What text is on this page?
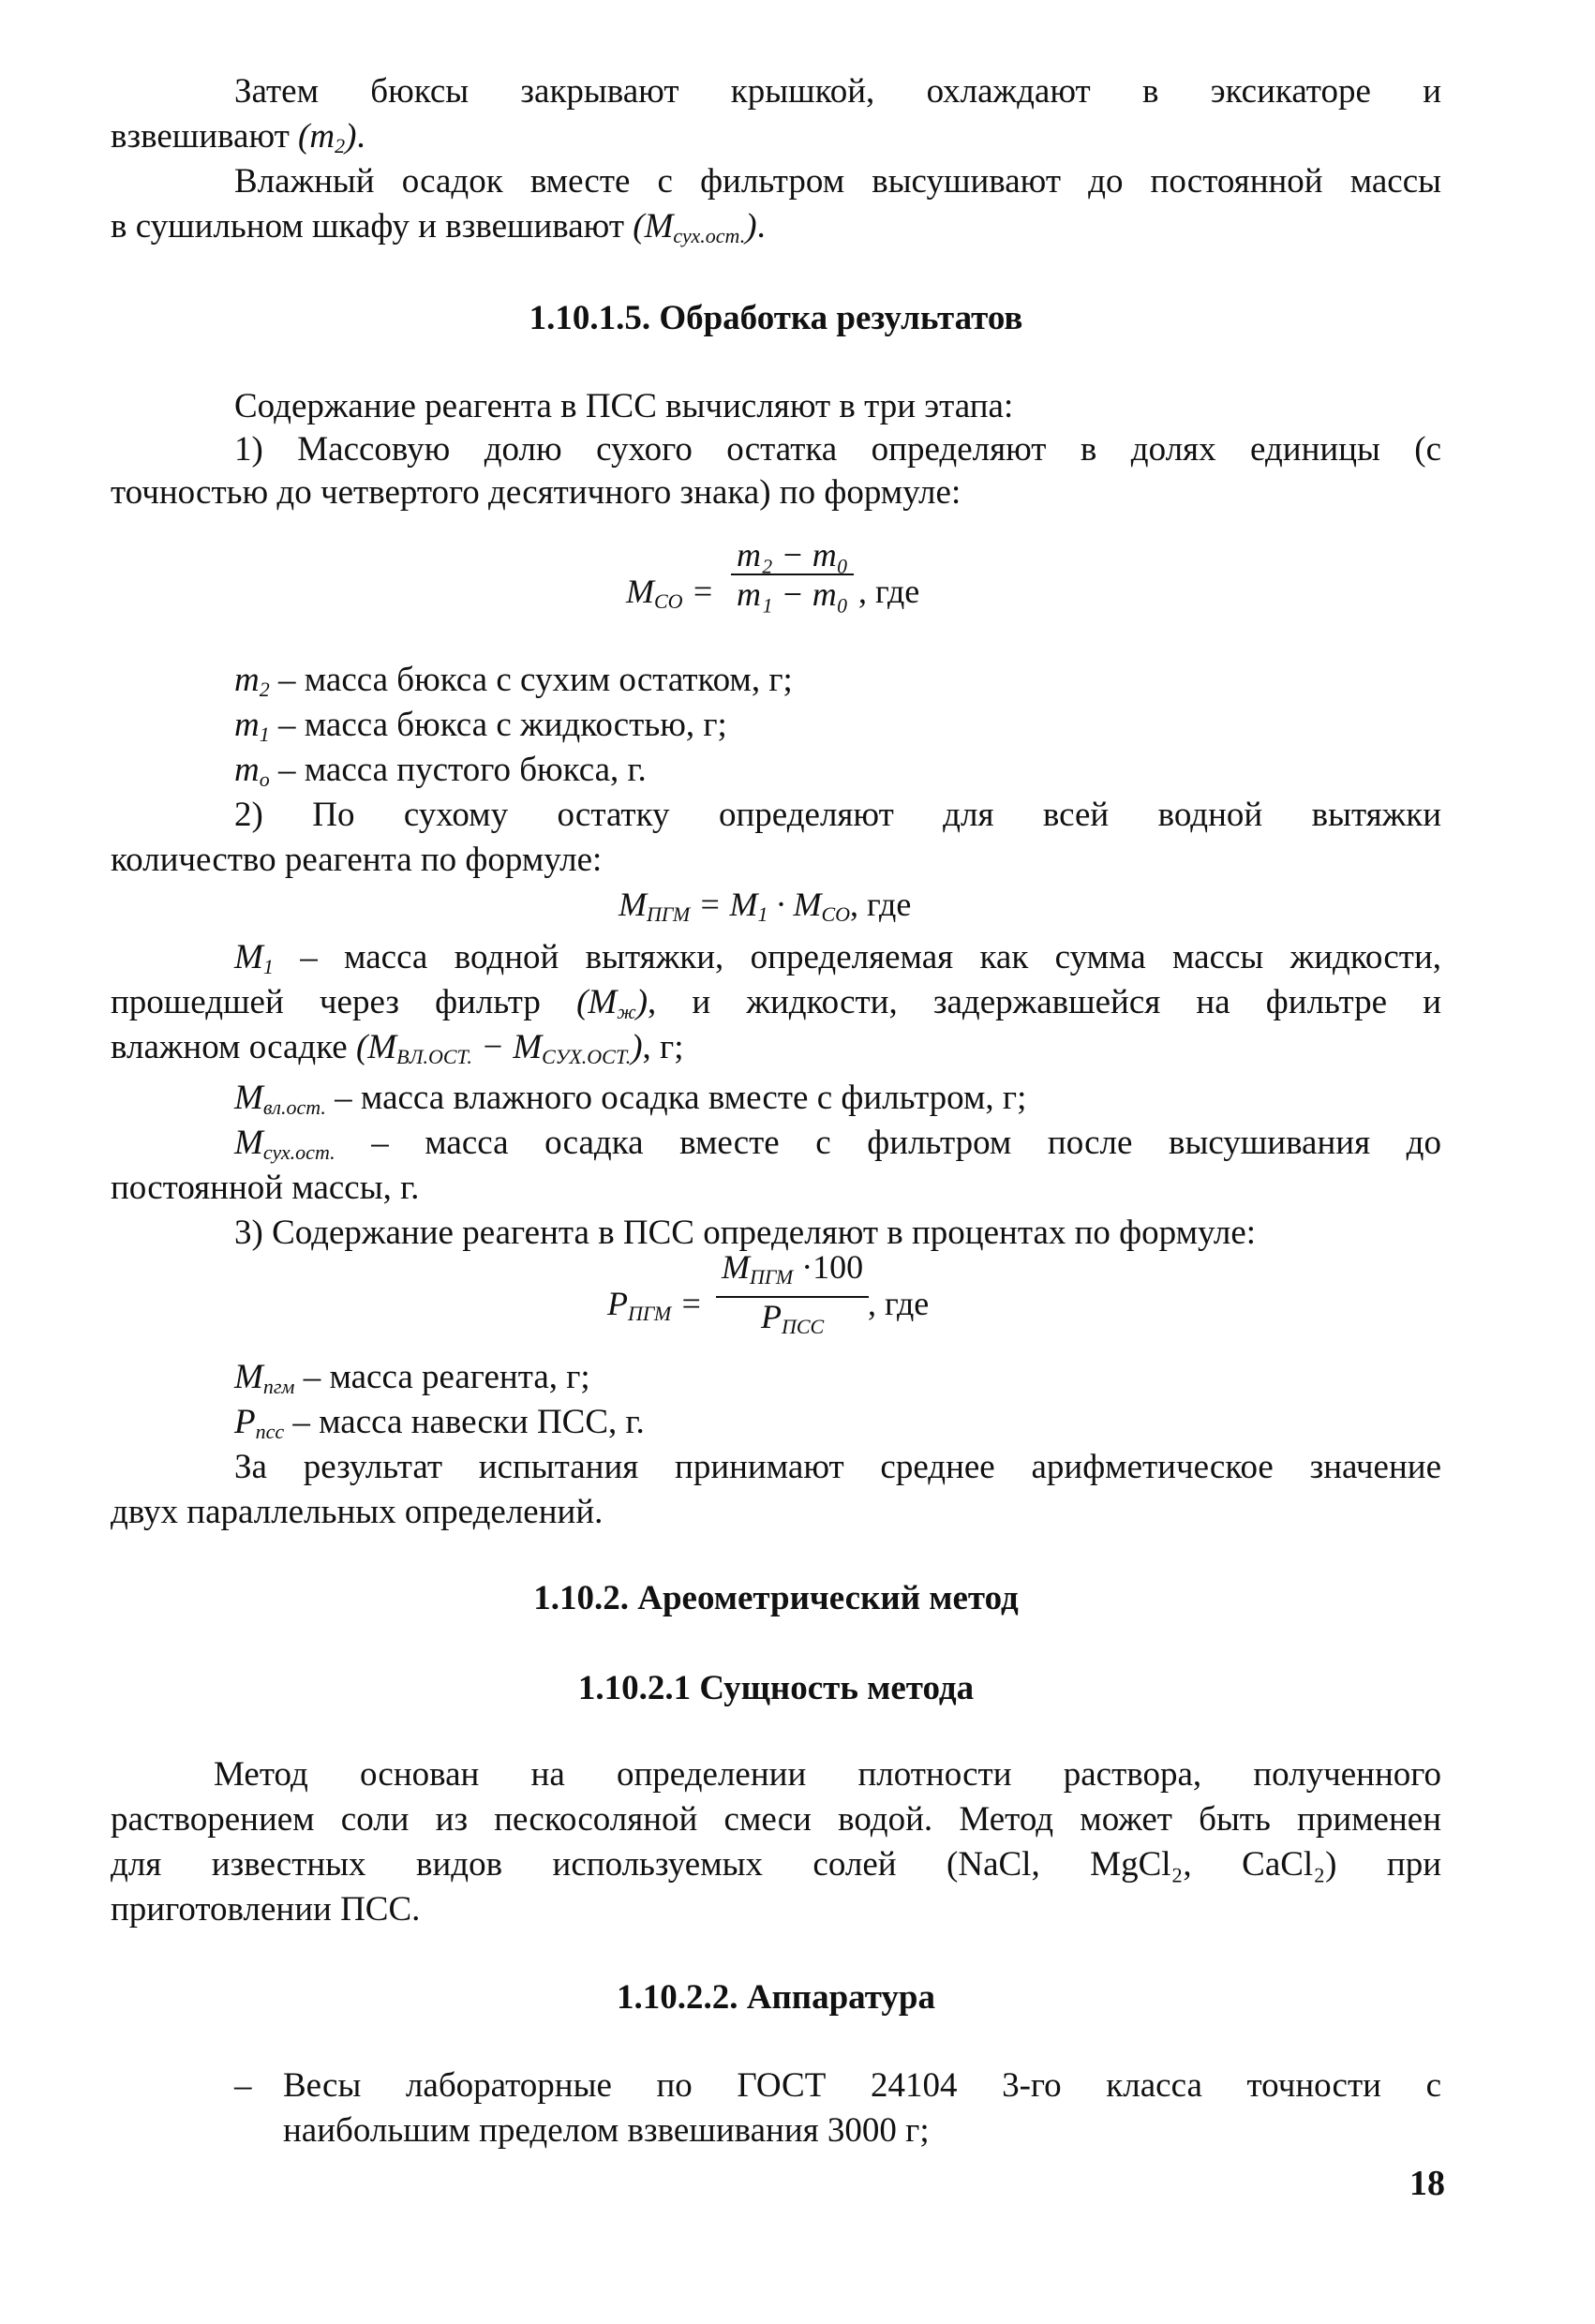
Затем бюксы закрывают крышкой, охлаждают в эксикаторе и
взвешивают $(m_2)$.
Влажный осадок вместе с фильтром высушивают до постоянной массы
в сушильном шкафу и взвешивают $(M_{сух.ост.})$.
1.10.1.5. Обработка результатов
Содержание реагента в ПСС вычисляют в три этапа:
1) Массовую долю сухого остатка определяют в долях единицы (с
точностью до четвертого десятичного знака) по формуле:
$M_{CO} = \frac{\text{m₂ − m₀}}{\text{m₁ − m₀}}$ , где
$m_2$ – масса бюкса с сухим остатком, г;
$m_1$ – масса бюкса с жидкостью, г;
$m_o$ – масса пустого бюкса, г.
2) По сухому остатку определяют для всей водной вытяжки
количество реагента по формуле:
$M_{ПГМ} = M_1 \cdot M_{CO}$, где
$M_1$ – масса водной вытяжки, определяемая как сумма массы жидкости,
прошедшей через фильтр $(M_ж)$, и жидкости, задержавшейся на фильтре и
влажном осадке $(M_{ВЛ.ОСТ.} - M_{СУХ.ОСТ.})$, г;
$M_{вл.ост.}$ – масса влажного осадка вместе с фильтром, г;
$M_{сух.ост.}$ – масса осадка вместе с фильтром после высушивания до
постоянной массы, г.
3) Содержание реагента в ПСС определяют в процентах по формуле:
$P_{ПГМ}$ =
$M_{ПГМ} \cdot 100$
$P_{ПСС}$
, где
$M_{пгм}$ – масса реагента, г;
$P_{псс}$ – масса навески ПСС, г.
За результат испытания принимают среднее арифметическое значение
двух параллельных определений.
1.10.2. Ареометрический метод
1.10.2.1 Сущность метода
Метод основан на определении плотности раствора, полученного
растворением соли из пескосоляной смеси водой. Метод может быть применен
для известных видов используемых солей (NaCl, MgCl₂, CaCl₂) при
приготовлении ПСС.
1.10.2.2. Аппаратура
– Весы лабораторные по ГОСТ 24104 3-го класса точности с
наибольшим пределом взвешивания 3000 г;
18
